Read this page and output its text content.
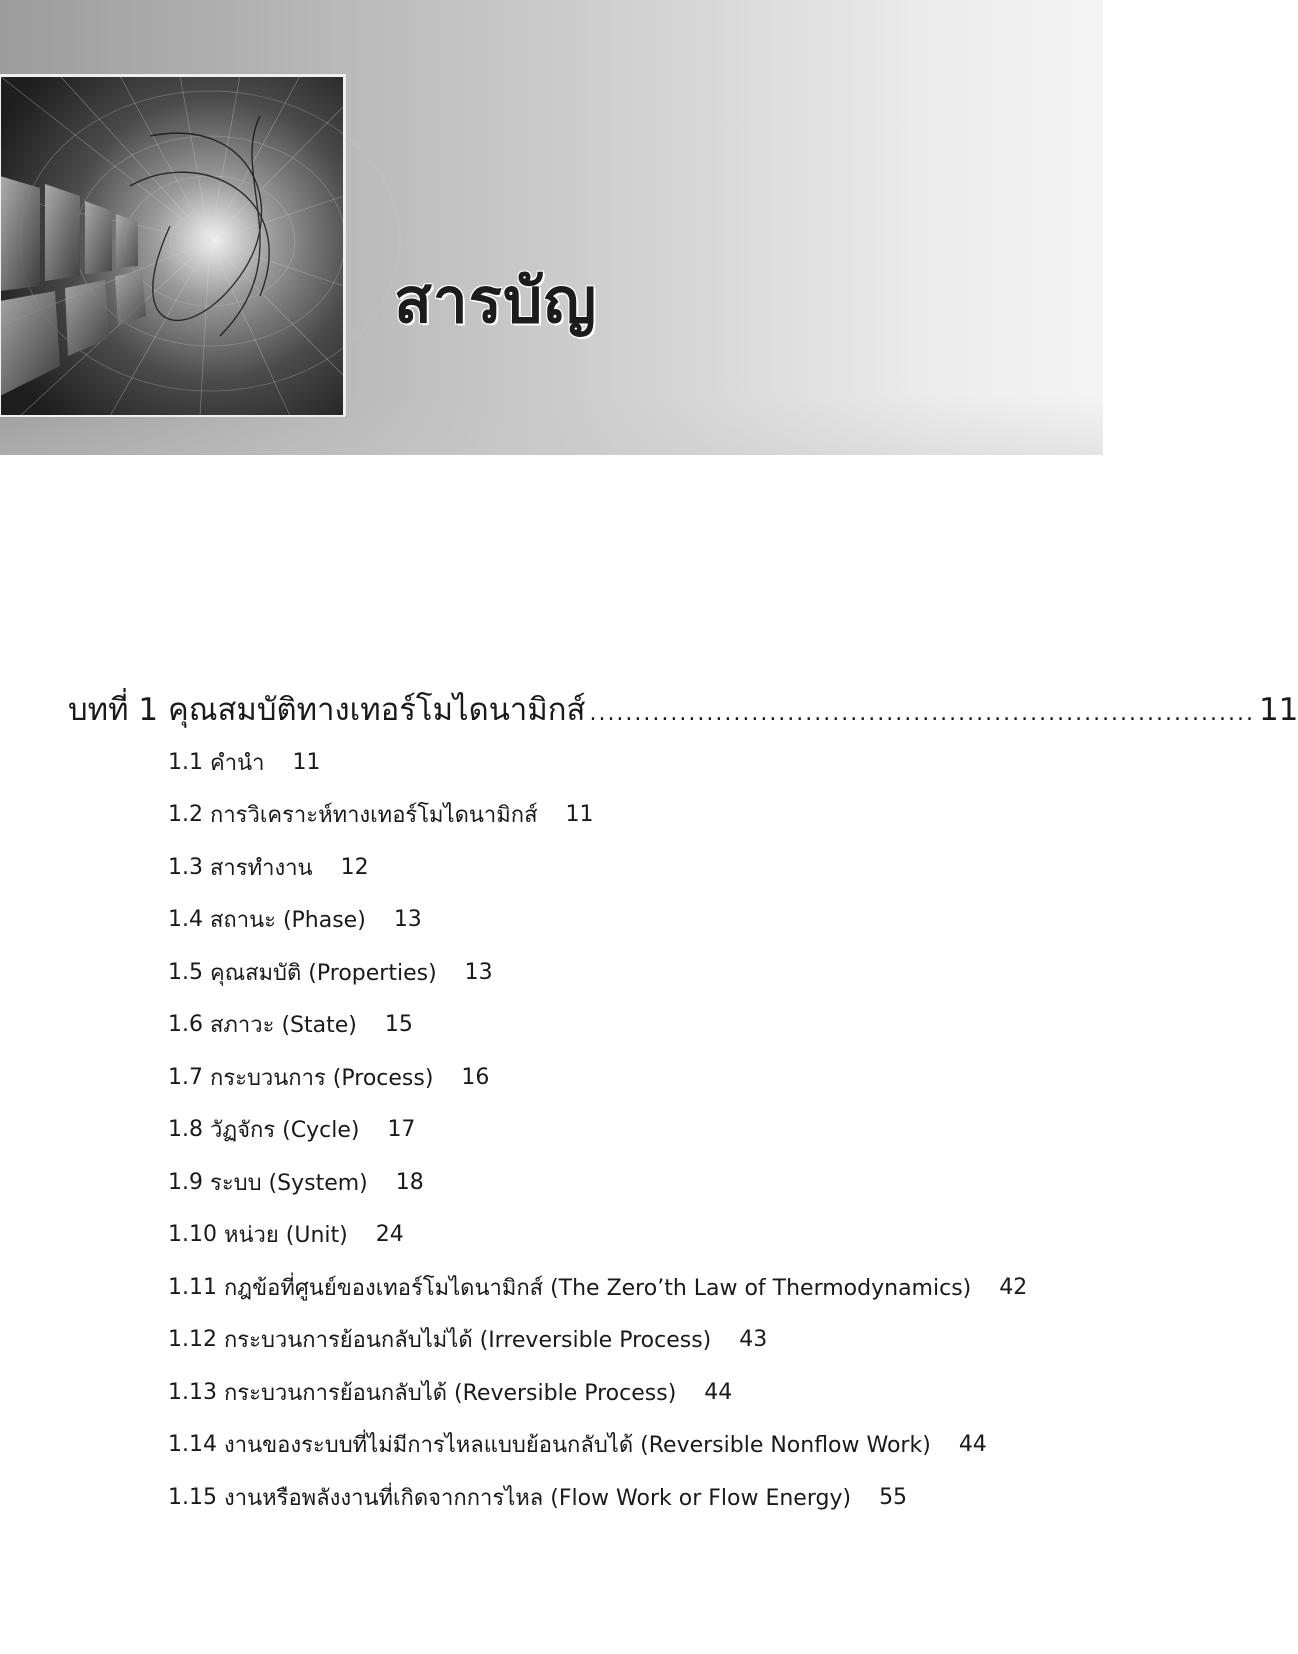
สารบัญ
บทที่ 1 คุณสมบัติทางเทอร์โมไดนามิกส์ .......................................................................... 11
1.1 คำนำ 11
1.2 การวิเคราะห์ทางเทอร์โมไดนามิกส์ 11
1.3 สารทำงาน 12
1.4 สถานะ (Phase) 13
1.5 คุณสมบัติ (Properties) 13
1.6 สภาวะ (State) 15
1.7 กระบวนการ (Process) 16
1.8 วัฏจักร (Cycle) 17
1.9 ระบบ (System) 18
1.10 หน่วย (Unit) 24
1.11 กฎข้อที่ศูนย์ของเทอร์โมไดนามิกส์ (The Zero’th Law of Thermodynamics) 42
1.12 กระบวนการย้อนกลับไม่ได้ (Irreversible Process) 43
1.13 กระบวนการย้อนกลับได้ (Reversible Process) 44
1.14 งานของระบบที่ไม่มีการไหลแบบย้อนกลับได้ (Reversible Nonflow Work) 44
1.15 งานหรือพลังงานที่เกิดจากการไหล (Flow Work or Flow Energy) 55
